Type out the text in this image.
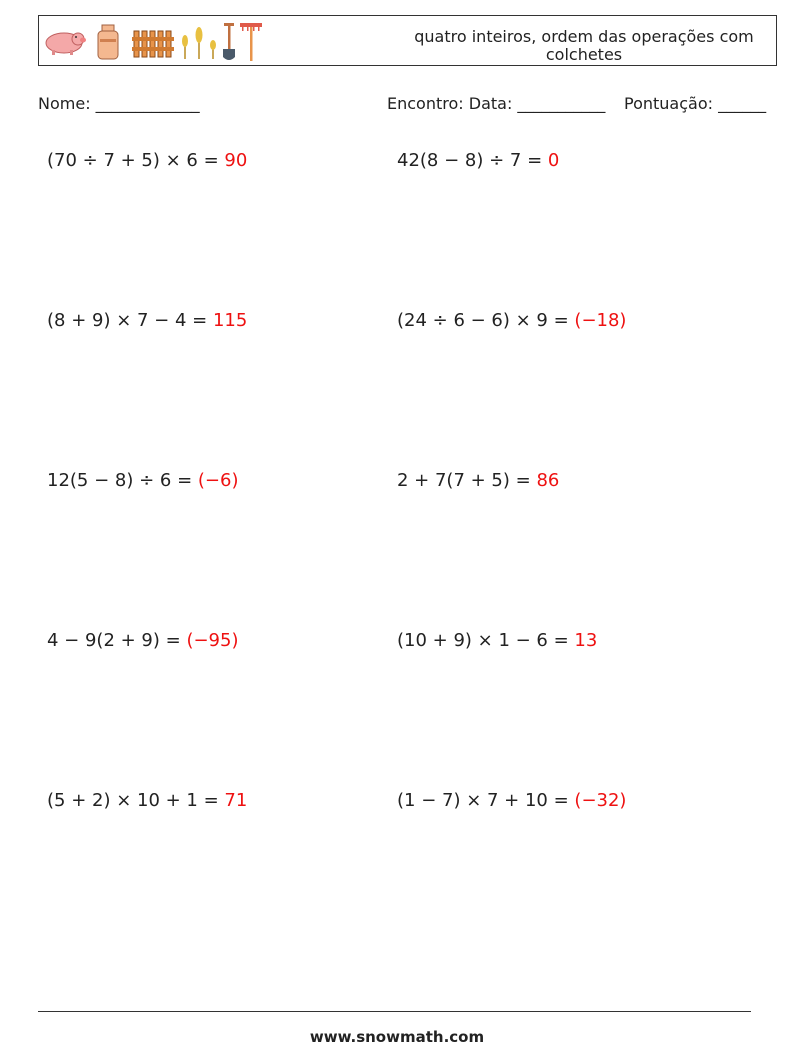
quatro inteiros, ordem das operações com colchetes
Nome: _____________	Encontro: Data: ___________ Pontuação: ______
(70 ÷ 7 + 5) × 6 = 90	42(8 − 8) ÷ 7 = 0
(8 + 9) × 7 − 4 = 115	(24 ÷ 6 − 6) × 9 = (−18)
12(5 − 8) ÷ 6 = (−6)	2 + 7(7 + 5) = 86
4 − 9(2 + 9) = (−95)	(10 + 9) × 1 − 6 = 13
(5 + 2) × 10 + 1 = 71	(1 − 7) × 7 + 10 = (−32)
www.snowmath.com
